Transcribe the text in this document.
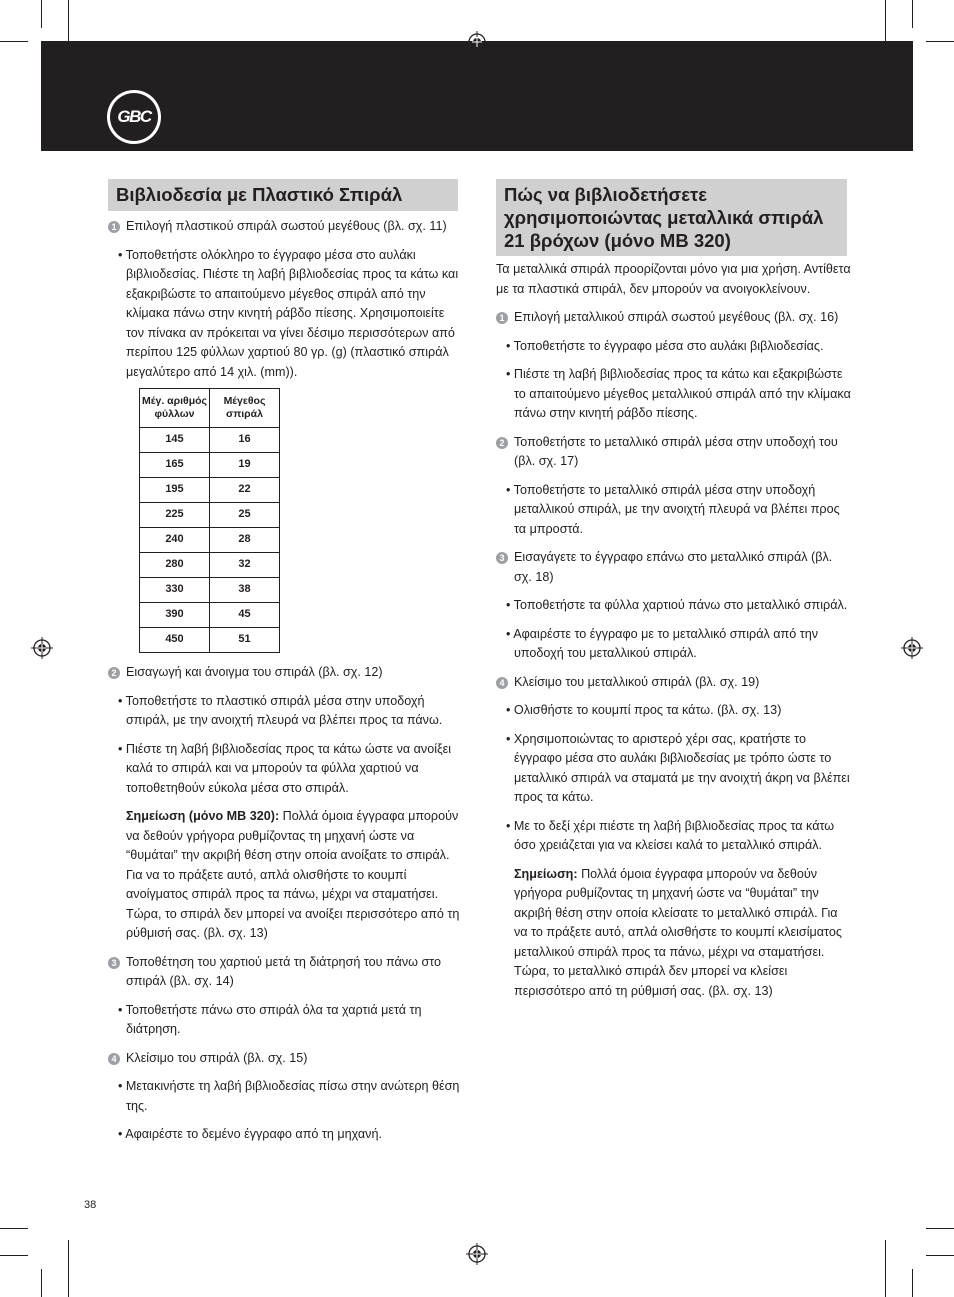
GBC
Βιβλιοδεσία με Πλαστικό Σπιράλ	Πώς να βιβλιοδετήσετε χρησιμοποιώντας μεταλλικά σπιράλ 21 βρόχων (μόνο MB 320)
1 Επιλογή πλαστικού σπιράλ σωστού μεγέθους (βλ. σχ. 11)

• Τοποθετήστε ολόκληρο το έγγραφο μέσα στο αυλάκι βιβλιοδεσίας. Πιέστε τη λαβή βιβλιοδεσίας προς τα κάτω και εξακριβώστε το απαιτούμενο μέγεθος σπιράλ από την κλίμακα πάνω στην κινητή ράβδο πίεσης. Χρησιμοποιείτε τον πίνακα αν πρόκειται να γίνει δέσιμο περισσότερων από περίπου 125 φύλλων χαρτιού 80 γρ. (g) (πλαστικό σπιράλ μεγαλύτερο από 14 χιλ. (mm)).

Μέγ. αριθμός φύλλων	Μέγεθος σπιράλ
145	16
165	19
195	22
225	25
240	28
280	32
330	38
390	45
450	51
2 Εισαγωγή και άνοιγμα του σπιράλ (βλ. σχ. 12)

• Τοποθετήστε το πλαστικό σπιράλ μέσα στην υποδοχή σπιράλ, με την ανοιχτή πλευρά να βλέπει προς τα πάνω.

• Πιέστε τη λαβή βιβλιοδεσίας προς τα κάτω ώστε να ανοίξει καλά το σπιράλ και να μπορούν τα φύλλα χαρτιού να τοποθετηθούν εύκολα μέσα στο σπιράλ.

Σημείωση (μόνο MB 320): Πολλά όμοια έγγραφα μπορούν να δεθούν γρήγορα ρυθμίζοντας τη μηχανή ώστε να “θυμάται” την ακριβή θέση στην οποία ανοίξατε το σπιράλ. Για να το πράξετε αυτό, απλά ολισθήστε το κουμπί ανοίγματος σπιράλ προς τα πάνω, μέχρι να σταματήσει. Τώρα, το σπιράλ δεν μπορεί να ανοίξει περισσότερο από τη ρύθμισή σας. (βλ. σχ. 13)

3 Τοποθέτηση του χαρτιού μετά τη διάτρησή του πάνω στο σπιράλ (βλ. σχ. 14)

• Τοποθετήστε πάνω στο σπιράλ όλα τα χαρτιά μετά τη διάτρηση.

4 Κλείσιμο του σπιράλ (βλ. σχ. 15)

• Μετακινήστε τη λαβή βιβλιοδεσίας πίσω στην ανώτερη θέση της.

• Αφαιρέστε το δεμένο έγγραφο από τη μηχανή.

Τα μεταλλικά σπιράλ προορίζονται μόνο για μια χρήση. Αντίθετα με τα πλαστικά σπιράλ, δεν μπορούν να ανοιγοκλείνουν.

1 Επιλογή μεταλλικού σπιράλ σωστού μεγέθους (βλ. σχ. 16)

• Τοποθετήστε το έγγραφο μέσα στο αυλάκι βιβλιοδεσίας.

• Πιέστε τη λαβή βιβλιοδεσίας προς τα κάτω και εξακριβώστε το απαιτούμενο μέγεθος μεταλλικού σπιράλ από την κλίμακα πάνω στην κινητή ράβδο πίεσης.

2 Τοποθετήστε το μεταλλικό σπιράλ μέσα στην υποδοχή του (βλ. σχ. 17)

• Τοποθετήστε το μεταλλικό σπιράλ μέσα στην υποδοχή μεταλλικού σπιράλ, με την ανοιχτή πλευρά να βλέπει προς τα μπροστά.

3 Εισαγάγετε το έγγραφο επάνω στο μεταλλικό σπιράλ (βλ. σχ. 18)

• Τοποθετήστε τα φύλλα χαρτιού πάνω στο μεταλλικό σπιράλ.

• Αφαιρέστε το έγγραφο με το μεταλλικό σπιράλ από την υποδοχή του μεταλλικού σπιράλ.

4 Κλείσιμο του μεταλλικού σπιράλ (βλ. σχ. 19)

• Ολισθήστε το κουμπί προς τα κάτω. (βλ. σχ. 13)

• Χρησιμοποιώντας το αριστερό χέρι σας, κρατήστε το έγγραφο μέσα στο αυλάκι βιβλιοδεσίας με τρόπο ώστε το μεταλλικό σπιράλ να σταματά με την ανοιχτή άκρη να βλέπει προς τα κάτω.

• Με το δεξί χέρι πιέστε τη λαβή βιβλιοδεσίας προς τα κάτω όσο χρειάζεται για να κλείσει καλά το μεταλλικό σπιράλ.

Σημείωση: Πολλά όμοια έγγραφα μπορούν να δεθούν γρήγορα ρυθμίζοντας τη μηχανή ώστε να “θυμάται” την ακριβή θέση στην οποία κλείσατε το μεταλλικό σπιράλ. Για να το πράξετε αυτό, απλά ολισθήστε το κουμπί κλεισίματος μεταλλικού σπιράλ προς τα πάνω, μέχρι να σταματήσει. Τώρα, το μεταλλικό σπιράλ δεν μπορεί να κλείσει περισσότερο από τη ρύθμισή σας. (βλ. σχ. 13)

38
